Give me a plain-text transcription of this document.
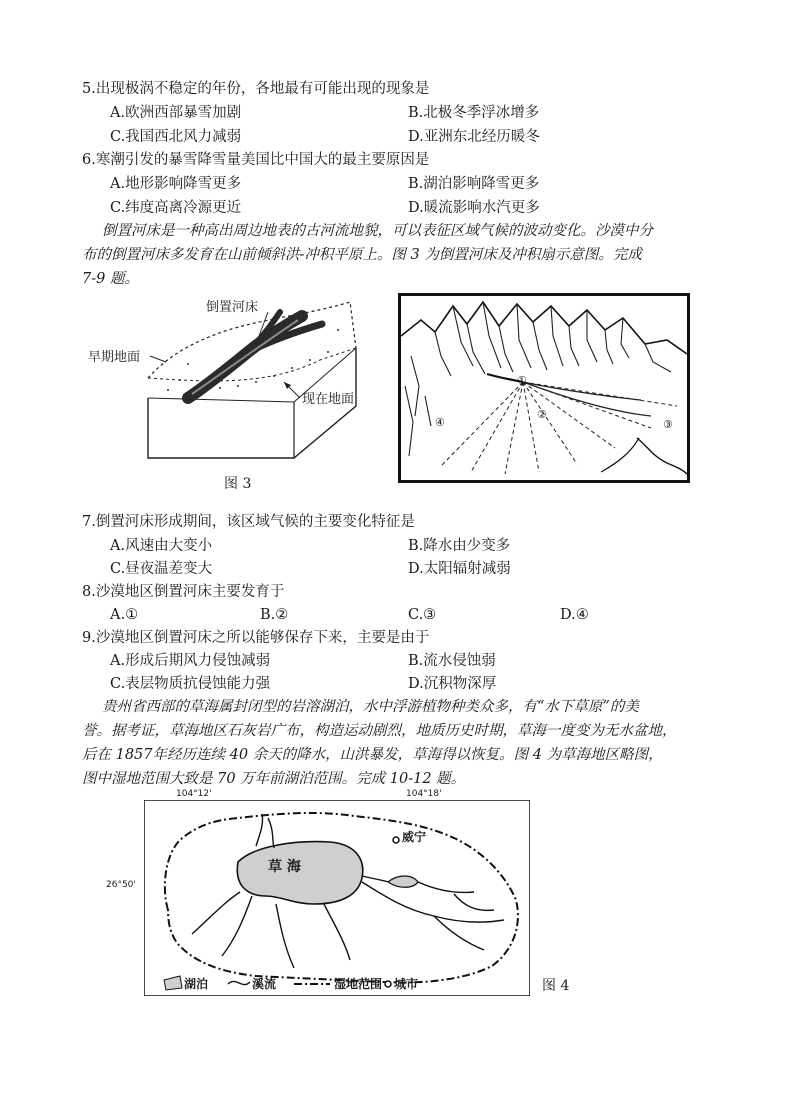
5.出现极涡不稳定的年份，各地最有可能出现的现象是
A.欧洲西部暴雪加剧	B.北极冬季浮冰增多
C.我国西北风力减弱	D.亚洲东北经历暖冬
6.寒潮引发的暴雪降雪量美国比中国大的最主要原因是
A.地形影响降雪更多	B.湖泊影响降雪更多
C.纬度高离冷源更近	D.暖流影响水汽更多
倒置河床是一种高出周边地表的古河流地貌，可以表征区域气候的波动变化。沙漠中分
布的倒置河床多发育在山前倾斜洪-冲积平原上。图 3 为倒置河床及冲积扇示意图。完成
7-9 题。
倒置河床
早期地面
现在地面
图 3
①
②
③
④
7.倒置河床形成期间，该区域气候的主要变化特征是
A.风速由大变小	B.降水由少变多
C.昼夜温差变大	D.太阳辐射减弱
8.沙漠地区倒置河床主要发育于
A.①	B.②	C.③	D.④
9.沙漠地区倒置河床之所以能够保存下来，主要是由于
A.形成后期风力侵蚀减弱	B.流水侵蚀弱
C.表层物质抗侵蚀能力强	D.沉积物深厚
贵州省西部的草海属封闭型的岩溶湖泊，水中浮游植物种类众多，有“水下草原”的美
誉。据考证，草海地区石灰岩广布，构造运动剧烈，地质历史时期，草海一度变为无水盆地，
后在 1857年经历连续 40 余天的降水，山洪暴发，草海得以恢复。图 4 为草海地区略图，
图中湿地范围大致是 70 万年前湖泊范围。完成 10-12 题。
草 海
威宁
湖泊	溪流	湿地范围 城市
104°12'	104°18'
26°50'
图 4
